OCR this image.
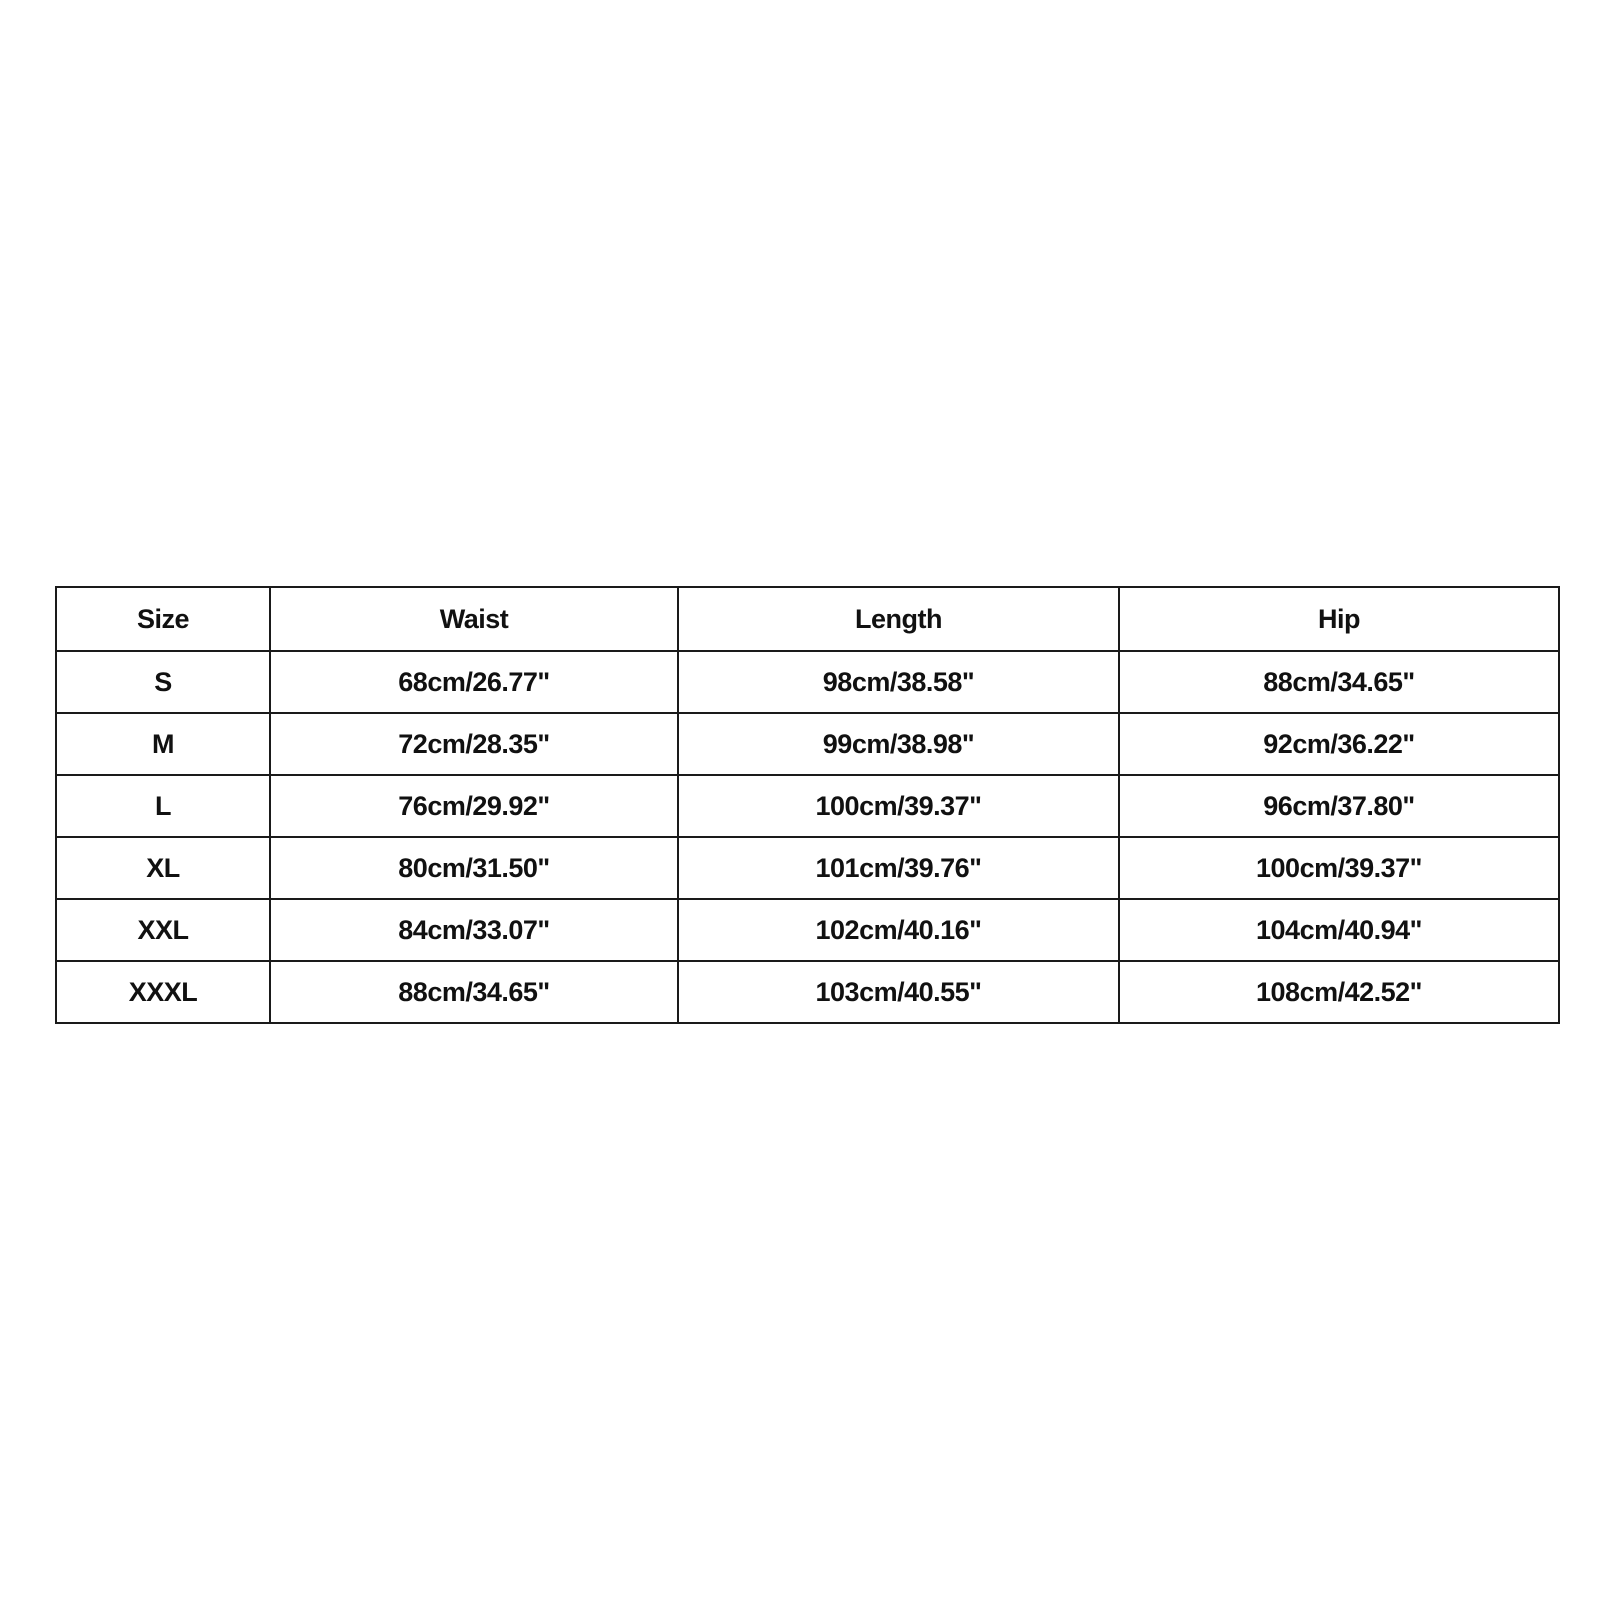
Size	Waist	Length	Hip
S	68cm/26.77"	98cm/38.58"	88cm/34.65"
M	72cm/28.35"	99cm/38.98"	92cm/36.22"
L	76cm/29.92"	100cm/39.37"	96cm/37.80"
XL	80cm/31.50"	101cm/39.76"	100cm/39.37"
XXL	84cm/33.07"	102cm/40.16"	104cm/40.94"
XXXL	88cm/34.65"	103cm/40.55"	108cm/42.52"
